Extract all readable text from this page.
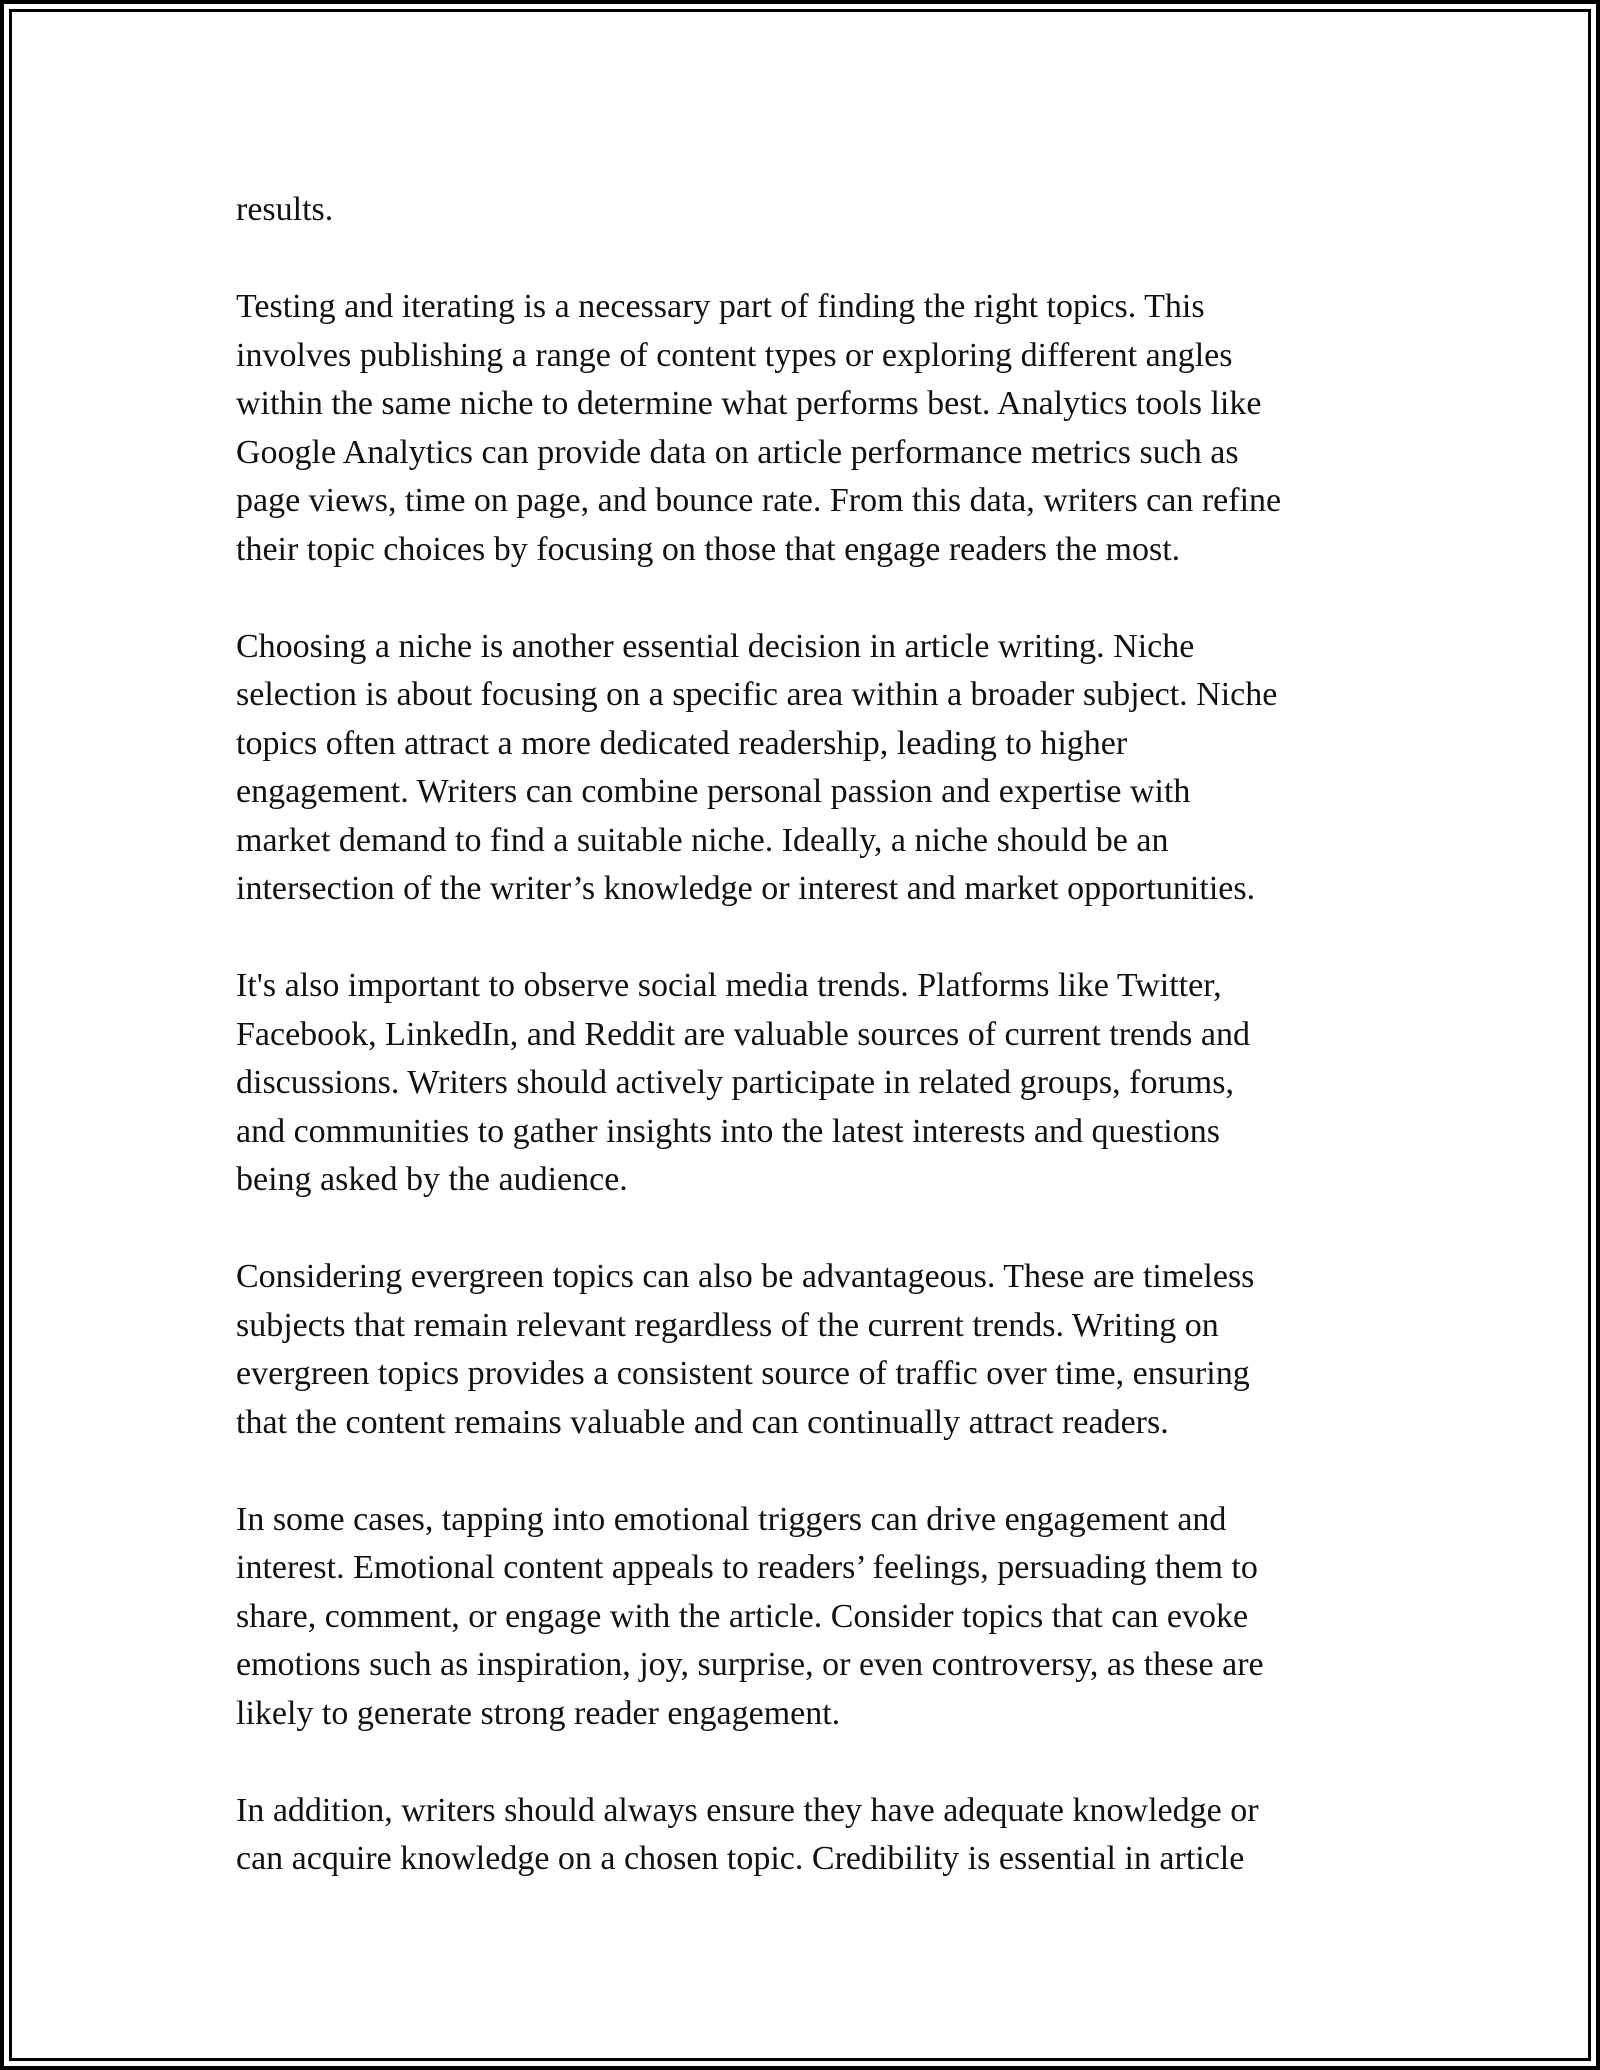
results.

Testing and iterating is a necessary part of finding the right topics. This
involves publishing a range of content types or exploring different angles
within the same niche to determine what performs best. Analytics tools like
Google Analytics can provide data on article performance metrics such as
page views, time on page, and bounce rate. From this data, writers can refine
their topic choices by focusing on those that engage readers the most.

Choosing a niche is another essential decision in article writing. Niche
selection is about focusing on a specific area within a broader subject. Niche
topics often attract a more dedicated readership, leading to higher
engagement. Writers can combine personal passion and expertise with
market demand to find a suitable niche. Ideally, a niche should be an
intersection of the writer’s knowledge or interest and market opportunities.

It's also important to observe social media trends. Platforms like Twitter,
Facebook, LinkedIn, and Reddit are valuable sources of current trends and
discussions. Writers should actively participate in related groups, forums,
and communities to gather insights into the latest interests and questions
being asked by the audience.

Considering evergreen topics can also be advantageous. These are timeless
subjects that remain relevant regardless of the current trends. Writing on
evergreen topics provides a consistent source of traffic over time, ensuring
that the content remains valuable and can continually attract readers.

In some cases, tapping into emotional triggers can drive engagement and
interest. Emotional content appeals to readers’ feelings, persuading them to
share, comment, or engage with the article. Consider topics that can evoke
emotions such as inspiration, joy, surprise, or even controversy, as these are
likely to generate strong reader engagement.

In addition, writers should always ensure they have adequate knowledge or
can acquire knowledge on a chosen topic. Credibility is essential in article
